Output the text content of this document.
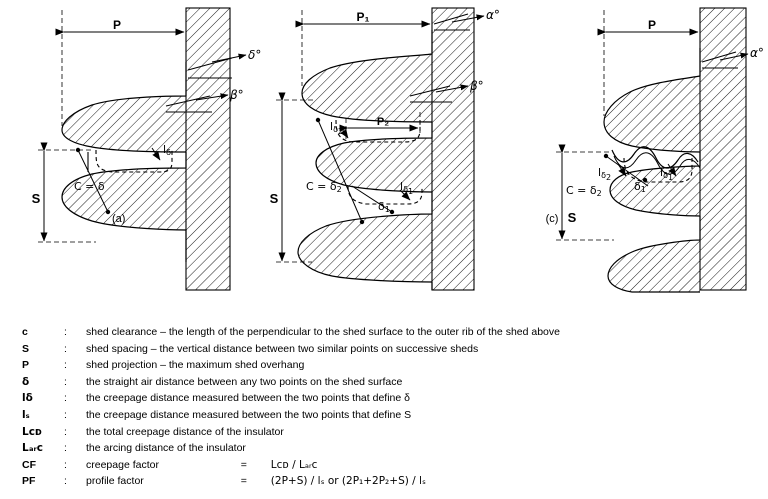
P
S
δ°
β°
lδ
C = δ
(a)
P₁
P₂
S
α°
β°
lδ2
lδ1
C = δ2
δ1
P
(c) S
α°
lδ2
δ1
lδ1
C = δ2
c	:	shed clearance – the length of the perpendicular to the shed surface to the outer rib of the shed above		
S	:	shed spacing – the vertical distance between two similar points on successive sheds		
P	:	shed projection – the maximum shed overhang		
δ	:	the straight air distance between any two points on the shed surface		
lδ	:	the creepage distance measured between the two points that define δ		
lₛ	:	the creepage distance measured between the two points that define S		
Lᴄᴅ	:	the total creepage distance of the insulator		
Lₐᵣᴄ	:	the arcing distance of the insulator		
CF	:	creepage factor	=	Lᴄᴅ / Lₐᵣᴄ
PF	:	profile factor	=	(2P+S) / lₛ or (2P₁+2P₂+S) / lₛ
